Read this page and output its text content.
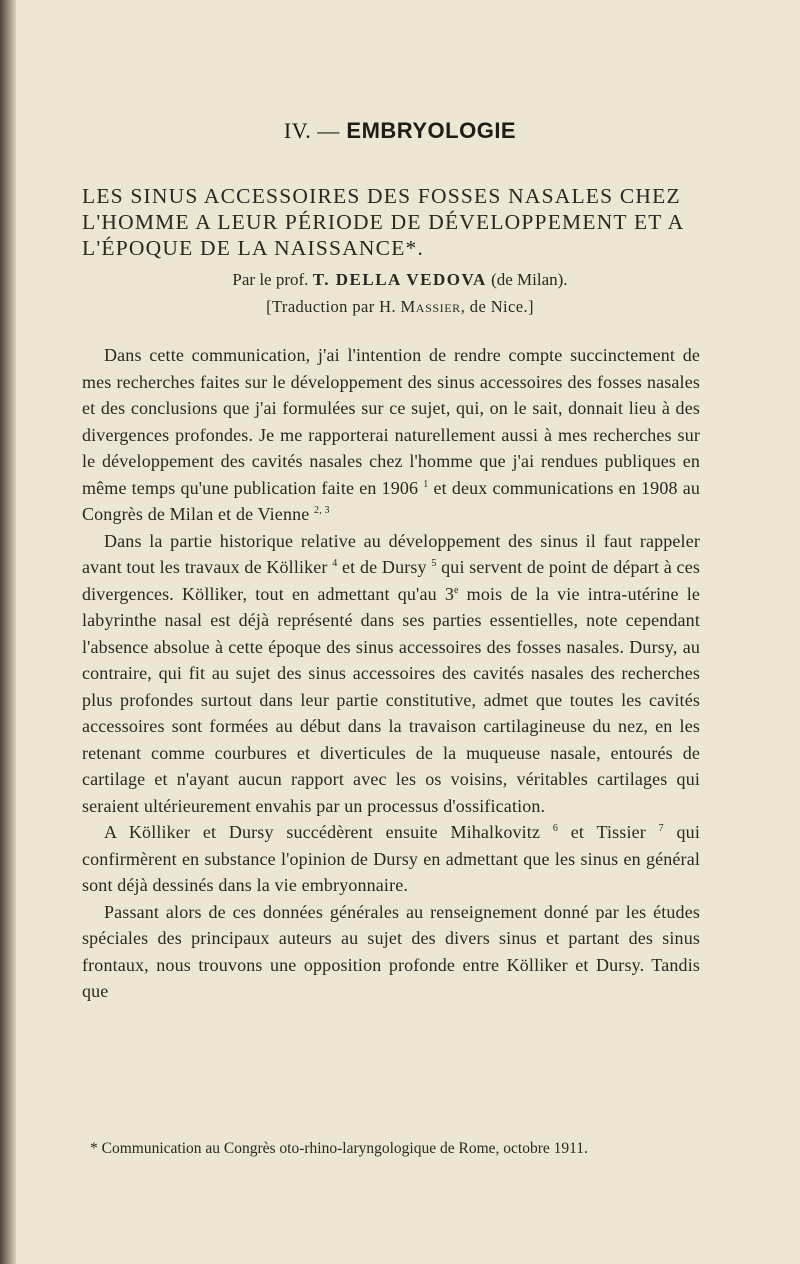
IV. — EMBRYOLOGIE
LES SINUS ACCESSOIRES DES FOSSES NASALES CHEZ L'HOMME A LEUR PÉRIODE DE DÉVELOPPEMENT ET A L'ÉPOQUE DE LA NAISSANCE*.
Par le prof. T. DELLA VEDOVA (de Milan).
[Traduction par H. Massier, de Nice.]

Dans cette communication, j'ai l'intention de rendre compte succinctement de mes recherches faites sur le développement des sinus accessoires des fosses nasales et des conclusions que j'ai formulées sur ce sujet, qui, on le sait, donnait lieu à des divergences profondes. Je me rapporterai naturellement aussi à mes recherches sur le développement des cavités nasales chez l'homme que j'ai rendues publiques en même temps qu'une publication faite en 1906 $^1$ et deux communications en 1908 au Congrès de Milan et de Vienne $^{2, 3}$

Dans la partie historique relative au développement des sinus il faut rappeler avant tout les travaux de Kölliker $^4$ et de Dursy $^5$ qui servent de point de départ à ces divergences. Kölliker, tout en admettant qu'au 3e mois de la vie intra-utérine le labyrinthe nasal est déjà représenté dans ses parties essentielles, note cependant l'absence absolue à cette époque des sinus accessoires des fosses nasales. Dursy, au contraire, qui fit au sujet des sinus accessoires des cavités nasales des recherches plus profondes surtout dans leur partie constitutive, admet que toutes les cavités accessoires sont formées au début dans la travaison cartilagineuse du nez, en les retenant comme courbures et diverticules de la muqueuse nasale, entourés de cartilage et n'ayant aucun rapport avec les os voisins, véritables cartilages qui seraient ultérieurement envahis par un processus d'ossification.

A Kölliker et Dursy succédèrent ensuite Mihalkovitz $^6$ et Tissier $^7$ qui confirmèrent en substance l'opinion de Dursy en admettant que les sinus en général sont déjà dessinés dans la vie embryonnaire.

Passant alors de ces données générales au renseignement donné par les études spéciales des principaux auteurs au sujet des divers sinus et partant des sinus frontaux, nous trouvons une opposition profonde entre Kölliker et Dursy. Tandis que

* Communication au Congrès oto-rhino-laryngologique de Rome, octobre 1911.
